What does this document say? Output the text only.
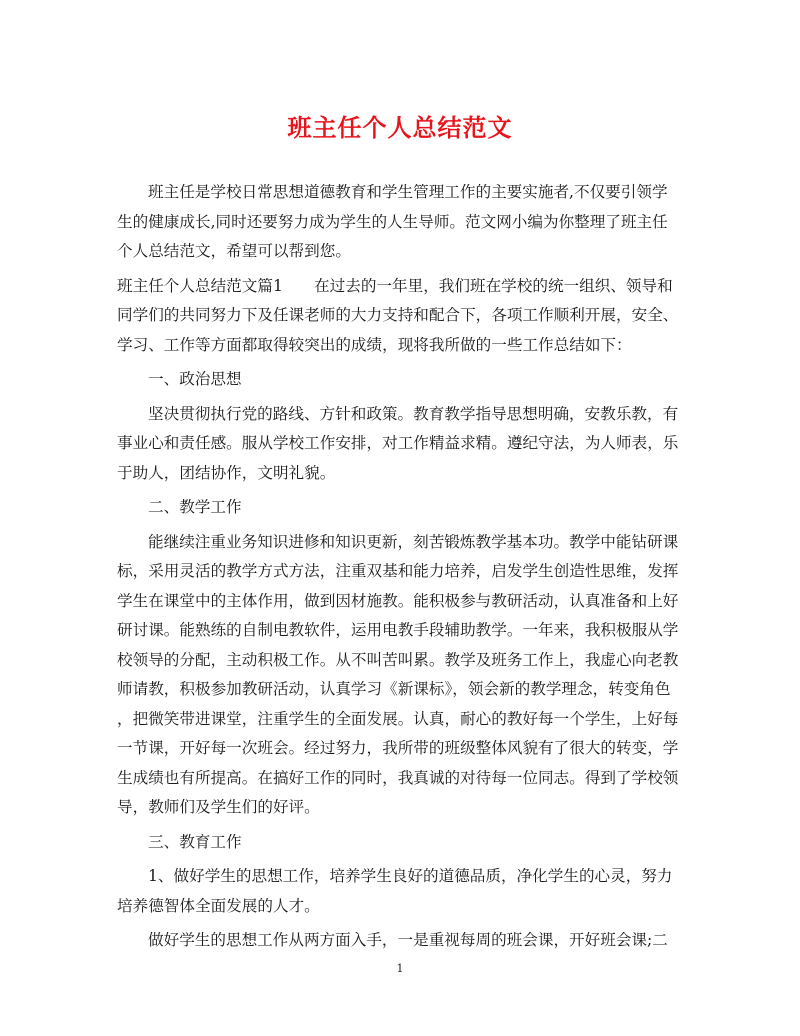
班主任个人总结范文
班主任是学校日常思想道德教育和学生管理工作的主要实施者,不仅要引领学
生的健康成长,同时还要努力成为学生的人生导师。范文网小编为你整理了班主任
个人总结范文，希望可以帮到您。
班主任个人总结范文篇1　　在过去的一年里，我们班在学校的统一组织、领导和
同学们的共同努力下及任课老师的大力支持和配合下，各项工作顺利开展，安全、
学习、工作等方面都取得较突出的成绩，现将我所做的一些工作总结如下：
一、政治思想
坚决贯彻执行党的路线、方针和政策。教育教学指导思想明确，安教乐教，有
事业心和责任感。服从学校工作安排，对工作精益求精。遵纪守法，为人师表，乐
于助人，团结协作，文明礼貌。
二、教学工作
能继续注重业务知识进修和知识更新，刻苦锻炼教学基本功。教学中能钻研课
标，采用灵活的教学方式方法，注重双基和能力培养，启发学生创造性思维，发挥
学生在课堂中的主体作用，做到因材施教。能积极参与教研活动，认真准备和上好
研讨课。能熟练的自制电教软件，运用电教手段辅助教学。一年来，我积极服从学
校领导的分配，主动积极工作。从不叫苦叫累。教学及班务工作上，我虚心向老教
师请教，积极参加教研活动，认真学习《新课标》，领会新的教学理念，转变角色
，把微笑带进课堂，注重学生的全面发展。认真，耐心的教好每一个学生，上好每
一节课，开好每一次班会。经过努力，我所带的班级整体风貌有了很大的转变，学
生成绩也有所提高。在搞好工作的同时，我真诚的对待每一位同志。得到了学校领
导，教师们及学生们的好评。
三、教育工作
1、做好学生的思想工作，培养学生良好的道德品质，净化学生的心灵，努力
培养德智体全面发展的人才。
做好学生的思想工作从两方面入手，一是重视每周的班会课，开好班会课;二
1
